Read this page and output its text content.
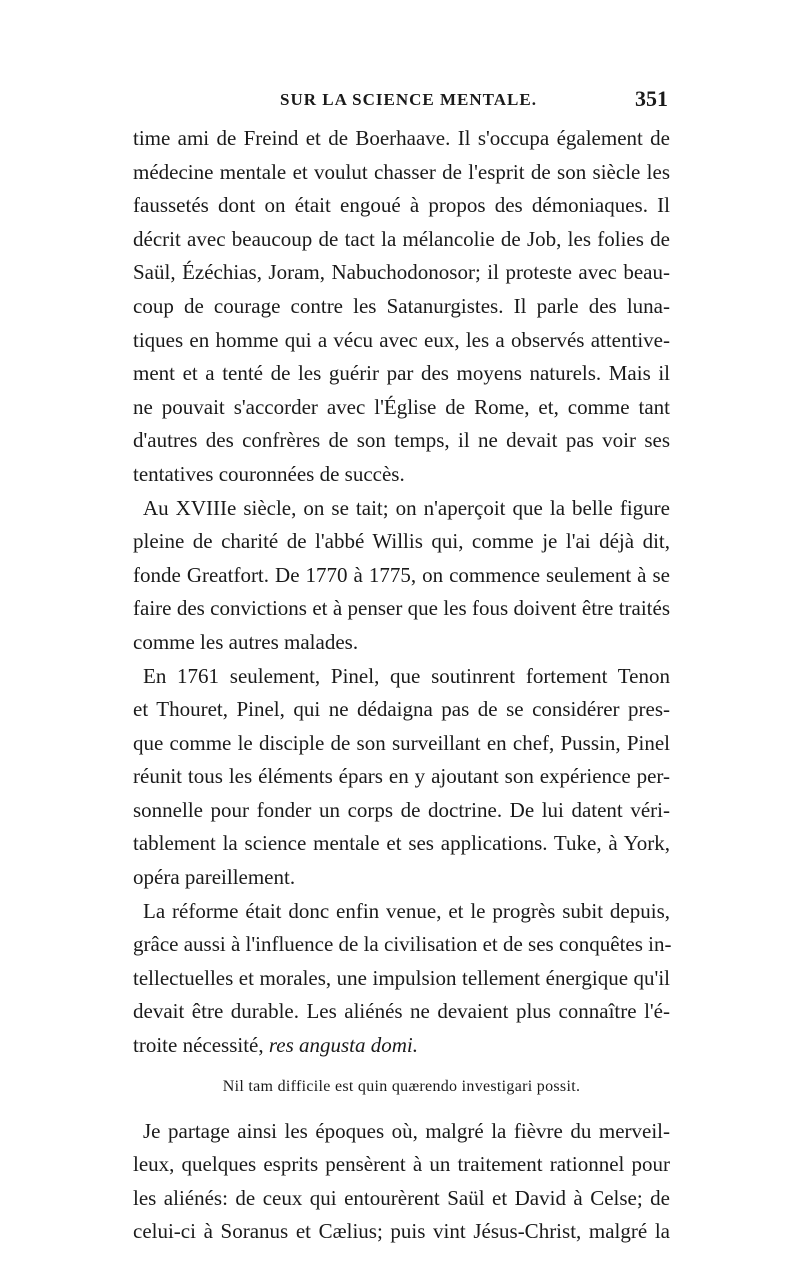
SUR LA SCIENCE MENTALE.	351

time ami de Freind et de Boerhaave. Il s'occupa également de
médecine mentale et voulut chasser de l'esprit de son siècle les
faussetés dont on était engoué à propos des démoniaques. Il
décrit avec beaucoup de tact la mélancolie de Job, les folies de
Saül, Ézéchias, Joram, Nabuchodonosor; il proteste avec beau-
coup de courage contre les Satanurgistes. Il parle des luna-
tiques en homme qui a vécu avec eux, les a observés attentive-
ment et a tenté de les guérir par des moyens naturels. Mais il
ne pouvait s'accorder avec l'Église de Rome, et, comme tant
d'autres des confrères de son temps, il ne devait pas voir ses
tentatives couronnées de succès.

Au XVIIIe siècle, on se tait; on n'aperçoit que la belle figure
pleine de charité de l'abbé Willis qui, comme je l'ai déjà dit,
fonde Greatfort. De 1770 à 1775, on commence seulement à se
faire des convictions et à penser que les fous doivent être traités
comme les autres malades.

En 1761 seulement, Pinel, que soutinrent fortement Tenon
et Thouret, Pinel, qui ne dédaigna pas de se considérer pres-
que comme le disciple de son surveillant en chef, Pussin, Pinel
réunit tous les éléments épars en y ajoutant son expérience per-
sonnelle pour fonder un corps de doctrine. De lui datent véri-
tablement la science mentale et ses applications. Tuke, à York,
opéra pareillement.

La réforme était donc enfin venue, et le progrès subit depuis,
grâce aussi à l'influence de la civilisation et de ses conquêtes in-
tellectuelles et morales, une impulsion tellement énergique qu'il
devait être durable. Les aliénés ne devaient plus connaître l'é-
troite nécessité, res angusta domi.

Nil tam difficile est quin quærendo investigari possit.

Je partage ainsi les époques où, malgré la fièvre du merveil-
leux, quelques esprits pensèrent à un traitement rationnel pour
les aliénés: de ceux qui entourèrent Saül et David à Celse; de
celui-ci à Soranus et Cælius; puis vint Jésus-Christ, malgré la
